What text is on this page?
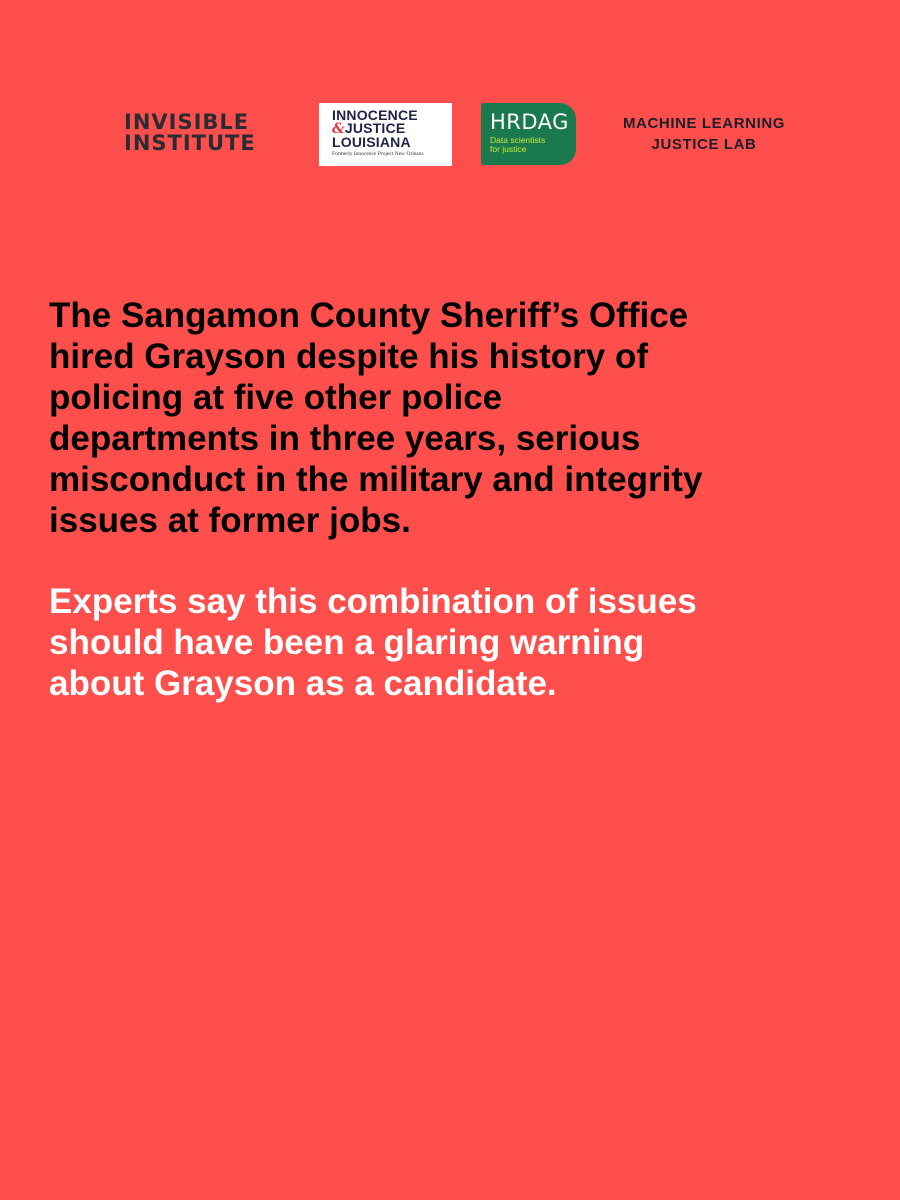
INVISIBLE
INSTITUTE
INNOCENCE
&JUSTICE
LOUISIANA
Formerly Innocence Project New Orleans
HRDAG
Data scientists
for justice
MACHINE LEARNING
JUSTICE LAB

The Sangamon County Sheriff’s Office
hired Grayson despite his history of
policing at five other police
departments in three years, serious
misconduct in the military and integrity
issues at former jobs.

Experts say this combination of issues
should have been a glaring warning
about Grayson as a candidate.
